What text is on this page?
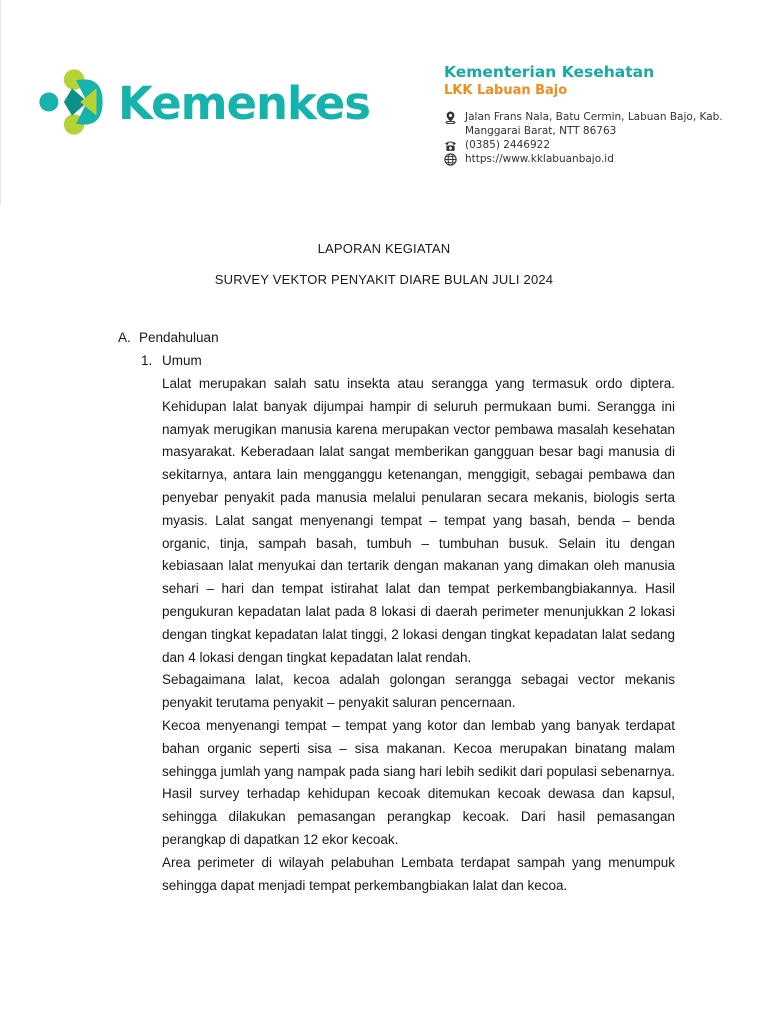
Kemenkes
Kementerian Kesehatan
LKK Labuan Bajo
Jalan Frans Nala, Batu Cermin, Labuan Bajo, Kab. Manggarai Barat, NTT 86763
(0385) 2446922
https://www.kklabuanbajo.id
LAPORAN KEGIATAN
SURVEY VEKTOR PENYAKIT DIARE BULAN JULI 2024
A. Pendahuluan
1. Umum

Lalat merupakan salah satu insekta atau serangga yang termasuk ordo diptera. Kehidupan lalat banyak dijumpai hampir di seluruh permukaan bumi. Serangga ini namyak merugikan manusia karena merupakan vector pembawa masalah kesehatan masyarakat. Keberadaan lalat sangat memberikan gangguan besar bagi manusia di sekitarnya, antara lain mengganggu ketenangan, menggigit, sebagai pembawa dan penyebar penyakit pada manusia melalui penularan secara mekanis, biologis serta myasis. Lalat sangat menyenangi tempat – tempat yang basah, benda – benda organic, tinja, sampah basah, tumbuh – tumbuhan busuk. Selain itu dengan kebiasaan lalat menyukai dan tertarik dengan makanan yang dimakan oleh manusia sehari – hari dan tempat istirahat lalat dan tempat perkembangbiakannya. Hasil pengukuran kepadatan lalat pada 8 lokasi di daerah perimeter menunjukkan 2 lokasi dengan tingkat kepadatan lalat tinggi, 2 lokasi dengan tingkat kepadatan lalat sedang dan 4 lokasi dengan tingkat kepadatan lalat rendah.

Sebagaimana lalat, kecoa adalah golongan serangga sebagai vector mekanis penyakit terutama penyakit – penyakit saluran pencernaan.

Kecoa menyenangi tempat – tempat yang kotor dan lembab yang banyak terdapat bahan organic seperti sisa – sisa makanan. Kecoa merupakan binatang malam sehingga jumlah yang nampak pada siang hari lebih sedikit dari populasi sebenarnya. Hasil survey terhadap kehidupan kecoak ditemukan kecoak dewasa dan kapsul, sehingga dilakukan pemasangan perangkap kecoak. Dari hasil pemasangan perangkap di dapatkan 12 ekor kecoak.

Area perimeter di wilayah pelabuhan Lembata terdapat sampah yang menumpuk sehingga dapat menjadi tempat perkembangbiakan lalat dan kecoa.
